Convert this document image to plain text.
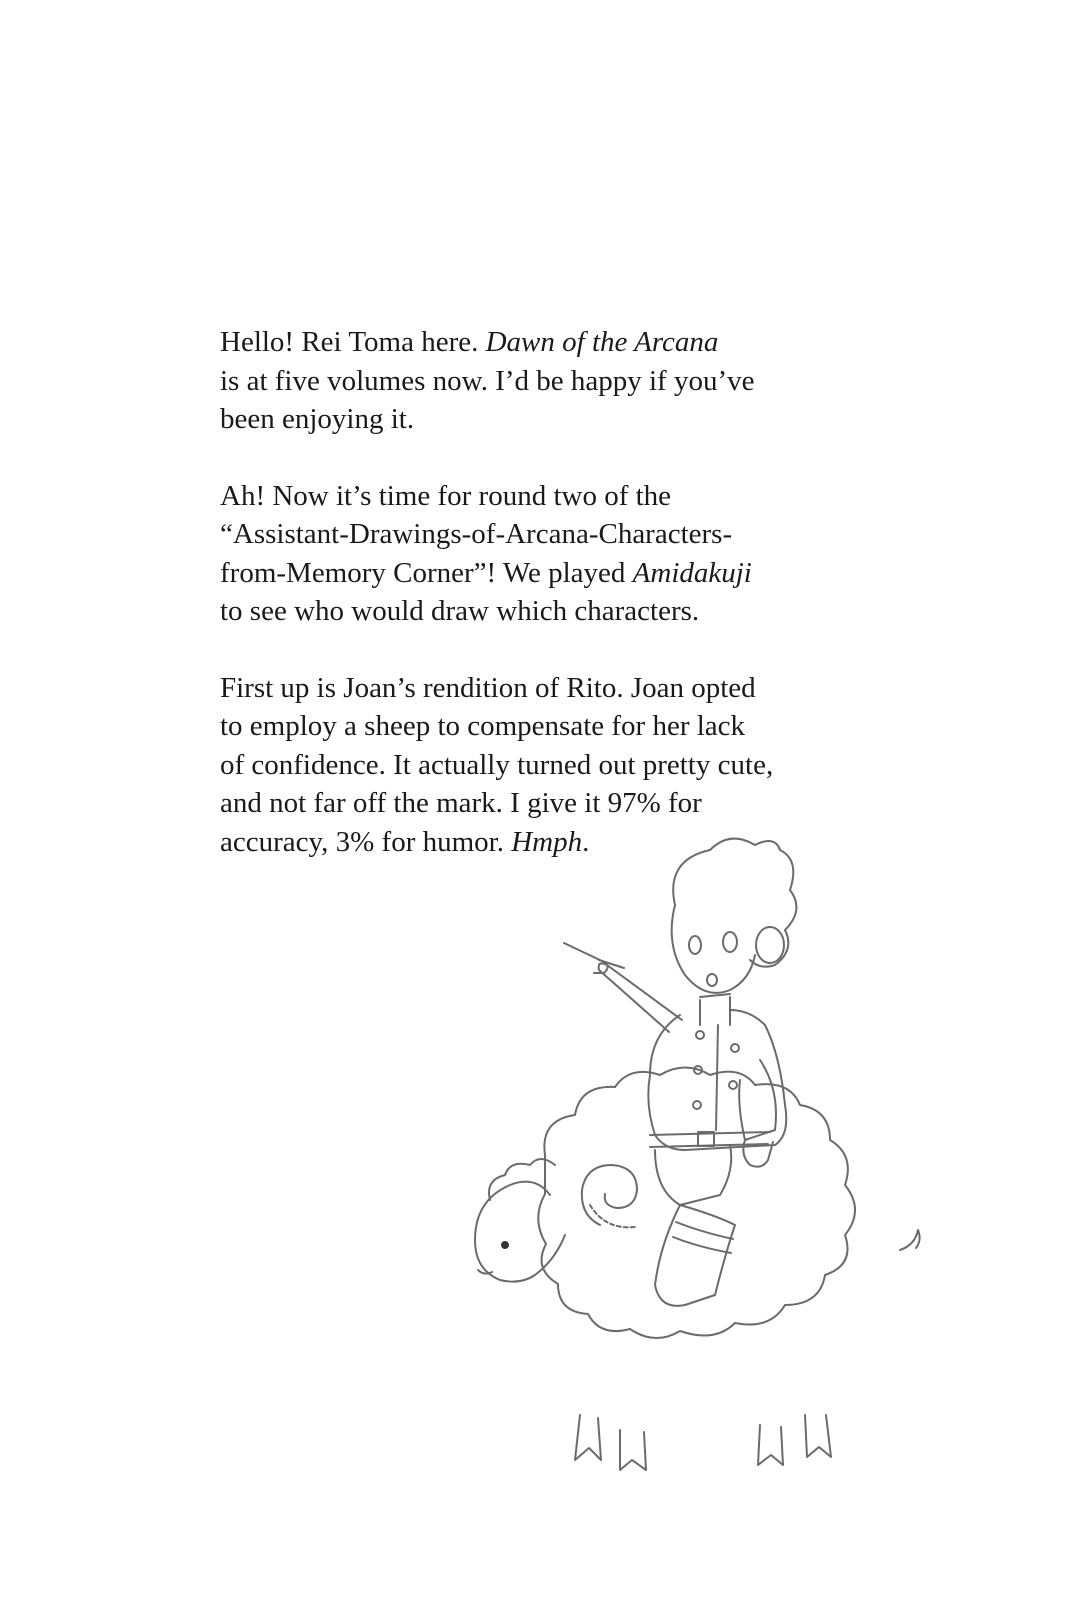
Hello! Rei Toma here. Dawn of the Arcana
is at five volumes now. I’d be happy if you’ve
been enjoying it.

Ah! Now it’s time for round two of the
“Assistant-Drawings-of-Arcana-Characters-
from-Memory Corner”! We played Amidakuji
to see who would draw which characters.

First up is Joan’s rendition of Rito. Joan opted
to employ a sheep to compensate for her lack
of confidence. It actually turned out pretty cute,
and not far off the mark. I give it 97% for
accuracy, 3% for humor. Hmph.
